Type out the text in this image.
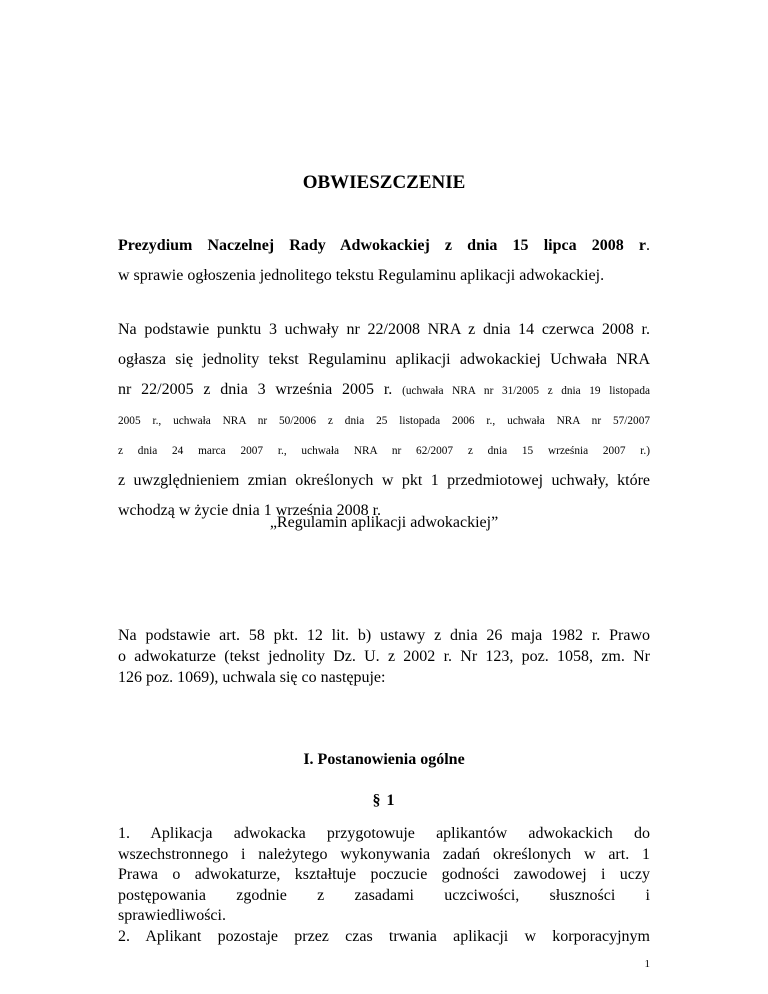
OBWIESZCZENIE

Prezydium Naczelnej Rady Adwokackiej z dnia 15 lipca 2008 r.
w sprawie ogłoszenia jednolitego tekstu Regulaminu aplikacji adwokackiej.

Na podstawie punktu 3 uchwały nr 22/2008 NRA z dnia 14 czerwca 2008 r.
ogłasza się jednolity tekst Regulaminu aplikacji adwokackiej Uchwała NRA
nr 22/2005 z dnia 3 września 2005 r. (uchwała NRA nr 31/2005 z dnia 19 listopada
2005 r., uchwała NRA nr 50/2006 z dnia 25 listopada 2006 r., uchwała NRA nr 57/2007
z dnia 24 marca 2007 r., uchwała NRA nr 62/2007 z dnia 15 września 2007 r.)
z uwzględnieniem zmian określonych w pkt 1 przedmiotowej uchwały, które
wchodzą w życie dnia 1 września 2008 r.

„Regulamin aplikacji adwokackiej”

Na podstawie art. 58 pkt. 12 lit. b) ustawy z dnia 26 maja 1982 r. Prawo
o adwokaturze (tekst jednolity Dz. U. z 2002 r. Nr 123, poz. 1058, zm. Nr
126 poz. 1069), uchwala się co następuje:

I. Postanowienia ogólne

§ 1

1. Aplikacja adwokacka przygotowuje aplikantów adwokackich do
wszechstronnego i należytego wykonywania zadań określonych w art. 1
Prawa o adwokaturze, kształtuje poczucie godności zawodowej i uczy
postępowania zgodnie z zasadami uczciwości, słuszności i
sprawiedliwości.
2. Aplikant pozostaje przez czas trwania aplikacji w korporacyjnym

1
